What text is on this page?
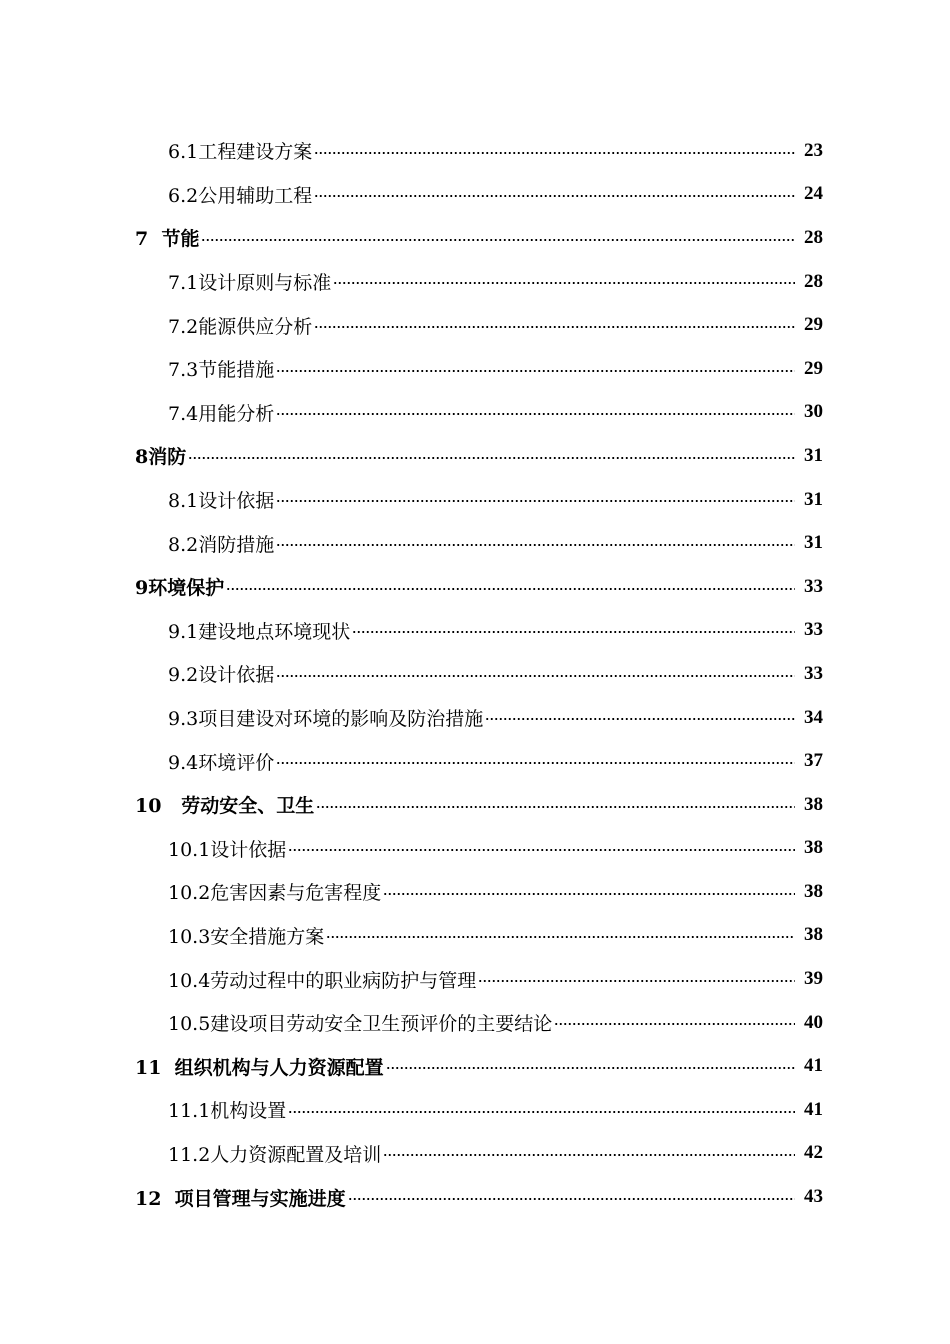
6.1工程建设方案	23
6.2公用辅助工程	24
7  节能	28
7.1设计原则与标准	28
7.2能源供应分析	29
7.3节能措施	29
7.4用能分析	30
8消防	31
8.1设计依据	31
8.2消防措施	31
9环境保护	33
9.1建设地点环境现状	33
9.2设计依据	33
9.3项目建设对环境的影响及防治措施	34
9.4环境评价	37
10   劳动安全、卫生	38
10.1设计依据	38
10.2危害因素与危害程度	38
10.3安全措施方案	38
10.4劳动过程中的职业病防护与管理	39
10.5建设项目劳动安全卫生预评价的主要结论	40
11  组织机构与人力资源配置	41
11.1机构设置	41
11.2人力资源配置及培训	42
12  项目管理与实施进度	43
